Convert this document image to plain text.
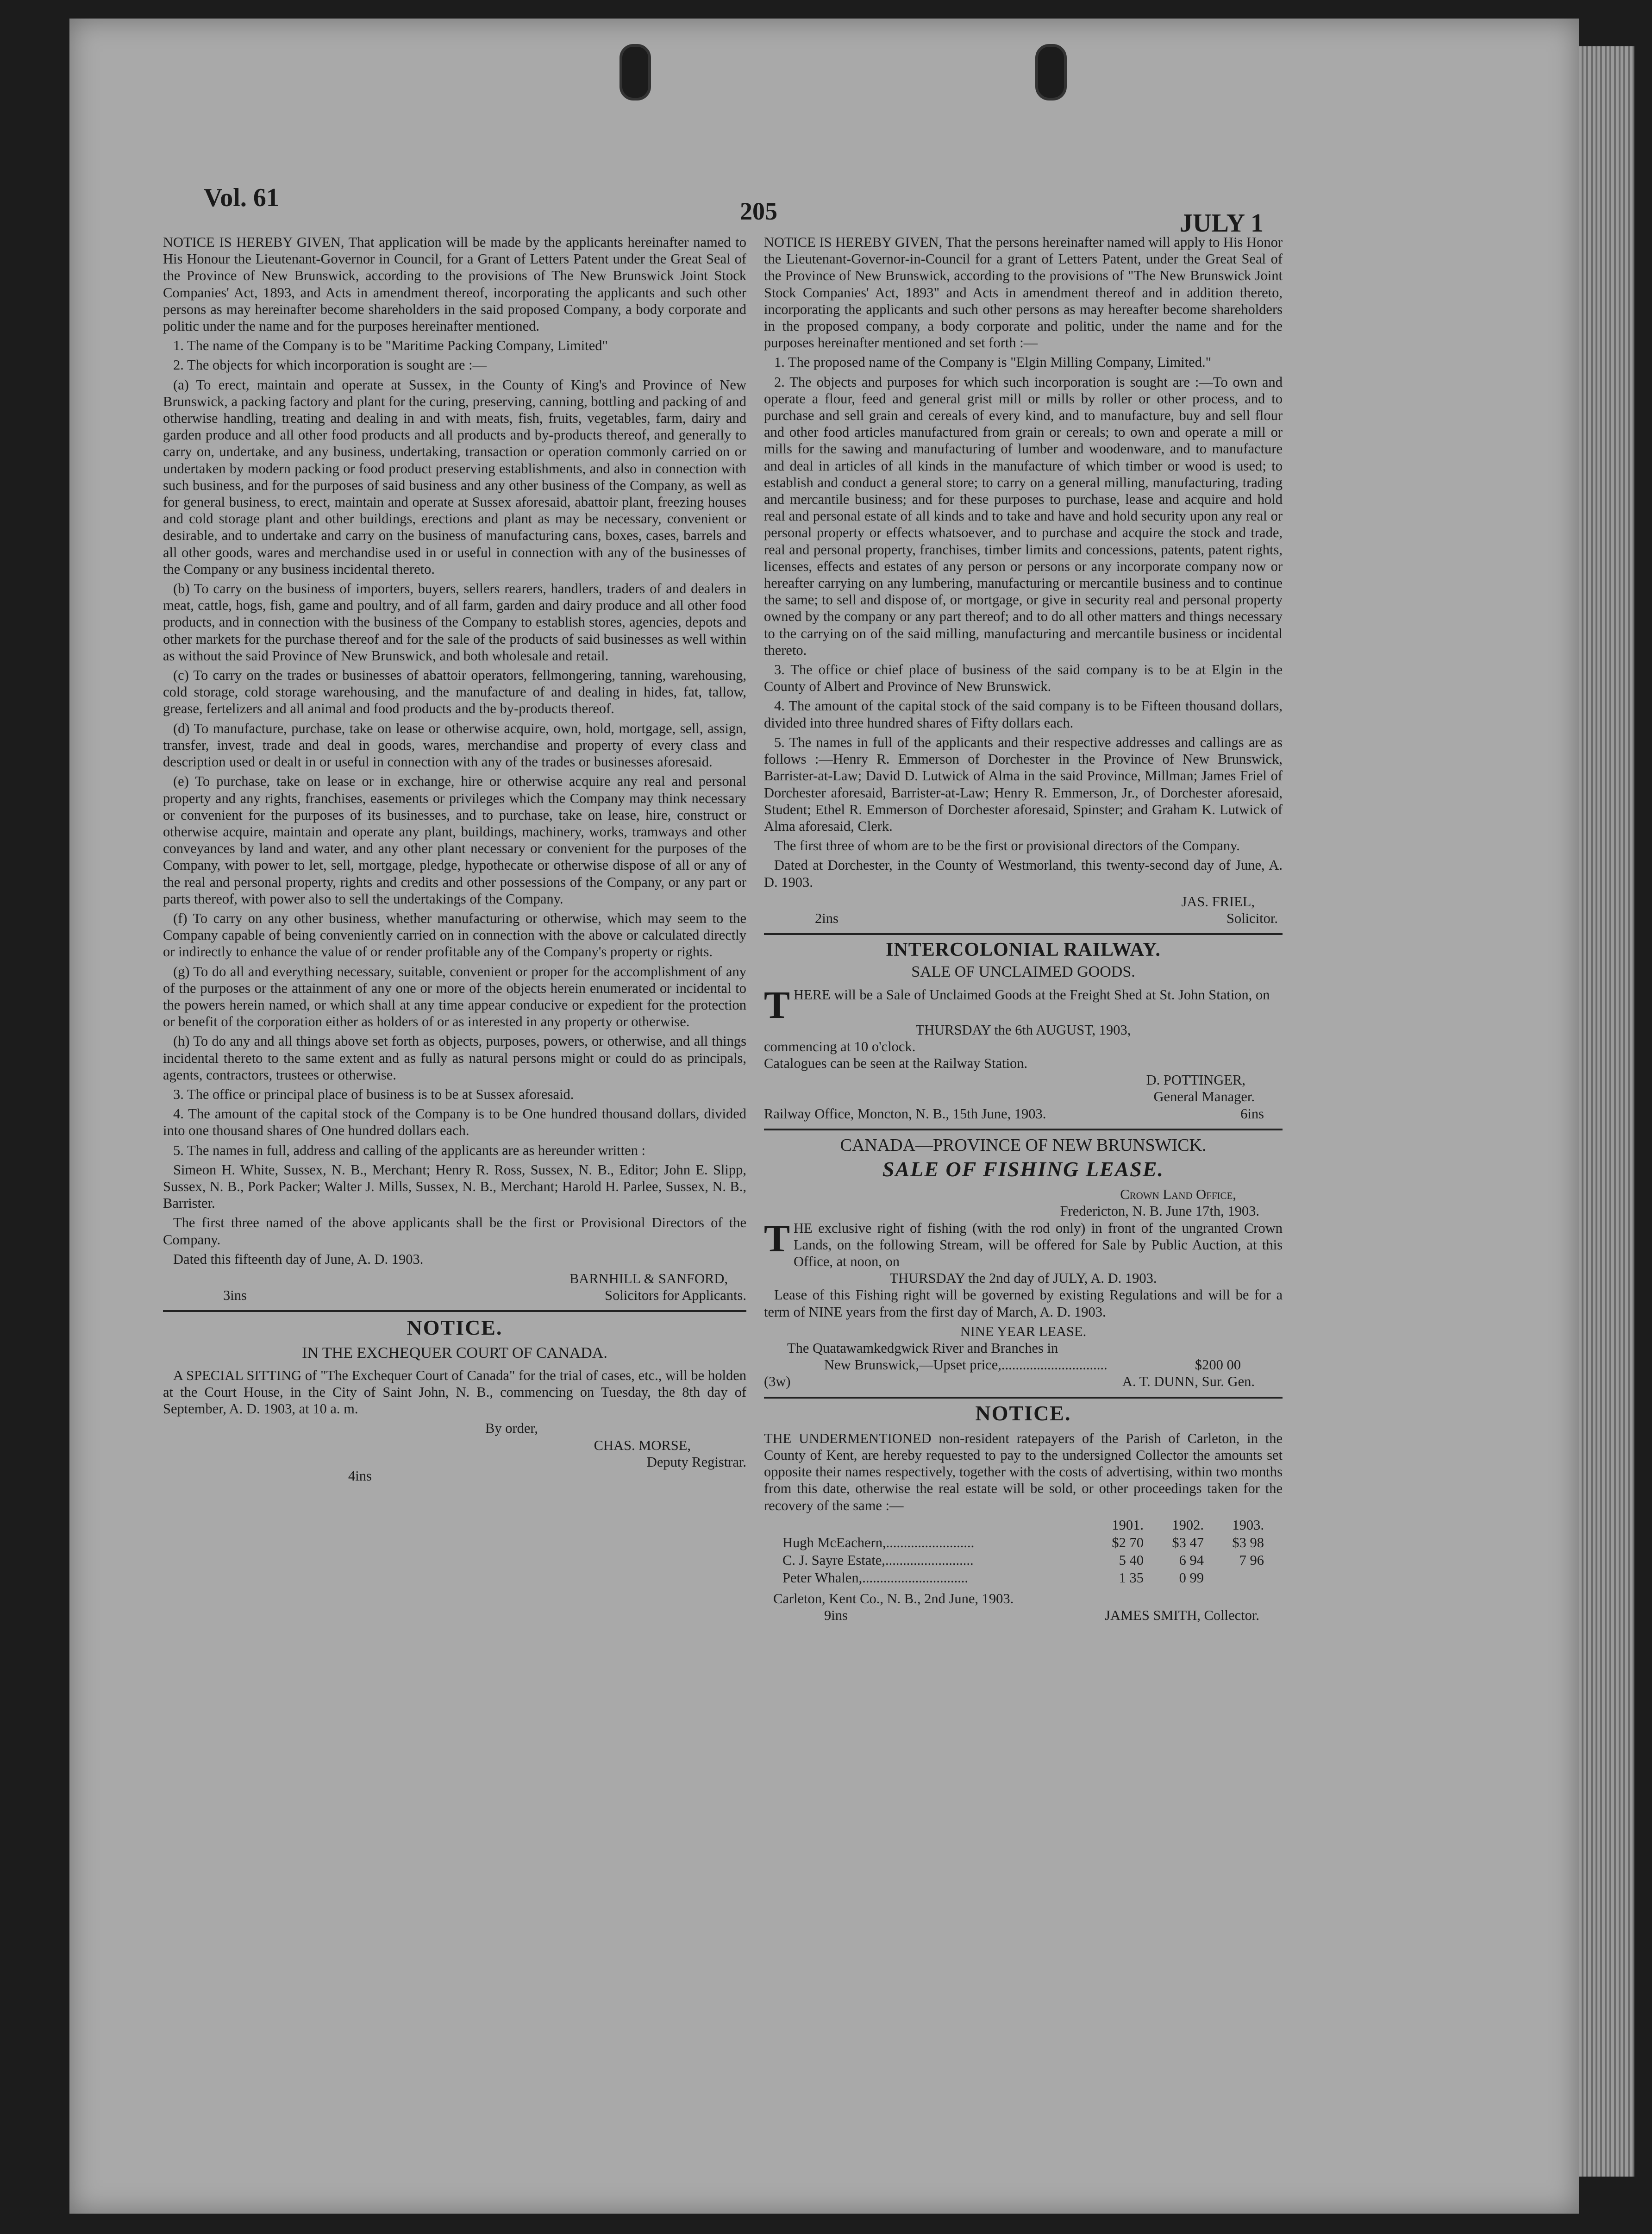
Vol. 61	205	JULY 1

NOTICE IS HEREBY GIVEN, That application will be made by the applicants hereinafter named to His Honour the Lieutenant-Governor in Council, for a Grant of Letters Patent under the Great Seal of the Province of New Brunswick, according to the provisions of The New Brunswick Joint Stock Companies' Act, 1893, and Acts in amendment thereof, incorporating the applicants and such other persons as may hereinafter become shareholders in the said proposed Company, a body corporate and politic under the name and for the purposes hereinafter mentioned.

1. The name of the Company is to be "Maritime Packing Company, Limited"

2. The objects for which incorporation is sought are :—

(a) To erect, maintain and operate at Sussex, in the County of King's and Province of New Brunswick, a packing factory and plant for the curing, preserving, canning, bottling and packing of and otherwise handling, treating and dealing in and with meats, fish, fruits, vegetables, farm, dairy and garden produce and all other food products and all products and by-products thereof, and generally to carry on, undertake, and any business, undertaking, transaction or operation commonly carried on or undertaken by modern packing or food product preserving establishments, and also in connection with such business, and for the purposes of said business and any other business of the Company, as well as for general business, to erect, maintain and operate at Sussex aforesaid, abattoir plant, freezing houses and cold storage plant and other buildings, erections and plant as may be necessary, convenient or desirable, and to undertake and carry on the business of manufacturing cans, boxes, cases, barrels and all other goods, wares and merchandise used in or useful in connection with any of the businesses of the Company or any business incidental thereto.

(b) To carry on the business of importers, buyers, sellers rearers, handlers, traders of and dealers in meat, cattle, hogs, fish, game and poultry, and of all farm, garden and dairy produce and all other food products, and in connection with the business of the Company to establish stores, agencies, depots and other markets for the purchase thereof and for the sale of the products of said businesses as well within as without the said Province of New Brunswick, and both wholesale and retail.

(c) To carry on the trades or businesses of abattoir operators, fellmongering, tanning, warehousing, cold storage, cold storage warehousing, and the manufacture of and dealing in hides, fat, tallow, grease, fertelizers and all animal and food products and the by-products thereof.

(d) To manufacture, purchase, take on lease or otherwise acquire, own, hold, mortgage, sell, assign, transfer, invest, trade and deal in goods, wares, merchandise and property of every class and description used or dealt in or useful in connection with any of the trades or businesses aforesaid.

(e) To purchase, take on lease or in exchange, hire or otherwise acquire any real and personal property and any rights, franchises, easements or privileges which the Company may think necessary or convenient for the purposes of its businesses, and to purchase, take on lease, hire, construct or otherwise acquire, maintain and operate any plant, buildings, machinery, works, tramways and other conveyances by land and water, and any other plant necessary or convenient for the purposes of the Company, with power to let, sell, mortgage, pledge, hypothecate or otherwise dispose of all or any of the real and personal property, rights and credits and other possessions of the Company, or any part or parts thereof, with power also to sell the undertakings of the Company.

(f) To carry on any other business, whether manufacturing or otherwise, which may seem to the Company capable of being conveniently carried on in connection with the above or calculated directly or indirectly to enhance the value of or render profitable any of the Company's property or rights.

(g) To do all and everything necessary, suitable, convenient or proper for the accomplishment of any of the purposes or the attainment of any one or more of the objects herein enumerated or incidental to the powers herein named, or which shall at any time appear conducive or expedient for the protection or benefit of the corporation either as holders of or as interested in any property or otherwise.

(h) To do any and all things above set forth as objects, purposes, powers, or otherwise, and all things incidental thereto to the same extent and as fully as natural persons might or could do as principals, agents, contractors, trustees or otherwise.

3. The office or principal place of business is to be at Sussex aforesaid.

4. The amount of the capital stock of the Company is to be One hundred thousand dollars, divided into one thousand shares of One hundred dollars each.

5. The names in full, address and calling of the applicants are as hereunder written :

Simeon H. White, Sussex, N. B., Merchant; Henry R. Ross, Sussex, N. B., Editor; John E. Slipp, Sussex, N. B., Pork Packer; Walter J. Mills, Sussex, N. B., Merchant; Harold H. Parlee, Sussex, N. B., Barrister.

The first three named of the above applicants shall be the first or Provisional Directors of the Company.

Dated this fifteenth day of June, A. D. 1903.

BARNHILL & SANFORD,
3ins	Solicitors for Applicants.
NOTICE.
IN THE EXCHEQUER COURT OF CANADA.

A SPECIAL SITTING of "The Exchequer Court of Canada" for the trial of cases, etc., will be holden at the Court House, in the City of Saint John, N. B., commencing on Tuesday, the 8th day of September, A. D. 1903, at 10 a. m.

By order,
CHAS. MORSE,
4ins
Deputy Registrar.

NOTICE IS HEREBY GIVEN, That the persons hereinafter named will apply to His Honor the Lieutenant-Governor-in-Council for a grant of Letters Patent, under the Great Seal of the Province of New Brunswick, according to the provisions of "The New Brunswick Joint Stock Companies' Act, 1893" and Acts in amendment thereof and in addition thereto, incorporating the applicants and such other persons as may hereafter become shareholders in the proposed company, a body corporate and politic, under the name and for the purposes hereinafter mentioned and set forth :—

1. The proposed name of the Company is "Elgin Milling Company, Limited."

2. The objects and purposes for which such incorporation is sought are :—To own and operate a flour, feed and general grist mill or mills by roller or other process, and to purchase and sell grain and cereals of every kind, and to manufacture, buy and sell flour and other food articles manufactured from grain or cereals; to own and operate a mill or mills for the sawing and manufacturing of lumber and woodenware, and to manufacture and deal in articles of all kinds in the manufacture of which timber or wood is used; to establish and conduct a general store; to carry on a general milling, manufacturing, trading and mercantile business; and for these purposes to purchase, lease and acquire and hold real and personal estate of all kinds and to take and have and hold security upon any real or personal property or effects whatsoever, and to purchase and acquire the stock and trade, real and personal property, franchises, timber limits and concessions, patents, patent rights, licenses, effects and estates of any person or persons or any incorporate company now or hereafter carrying on any lumbering, manufacturing or mercantile business and to continue the same; to sell and dispose of, or mortgage, or give in security real and personal property owned by the company or any part thereof; and to do all other matters and things necessary to the carrying on of the said milling, manufacturing and mercantile business or incidental thereto.

3. The office or chief place of business of the said company is to be at Elgin in the County of Albert and Province of New Brunswick.

4. The amount of the capital stock of the said company is to be Fifteen thousand dollars, divided into three hundred shares of Fifty dollars each.

5. The names in full of the applicants and their respective addresses and callings are as follows :—Henry R. Emmerson of Dorchester in the Province of New Brunswick, Barrister-at-Law; David D. Lutwick of Alma in the said Province, Millman; James Friel of Dorchester aforesaid, Barrister-at-Law; Henry R. Emmerson, Jr., of Dorchester aforesaid, Student; Ethel R. Emmerson of Dorchester aforesaid, Spinster; and Graham K. Lutwick of Alma aforesaid, Clerk.

The first three of whom are to be the first or provisional directors of the Company.

Dated at Dorchester, in the County of Westmorland, this twenty-second day of June, A. D. 1903.

JAS. FRIEL,
2ins	Solicitor.
INTERCOLONIAL RAILWAY.
SALE OF UNCLAIMED GOODS.
T HERE will be a Sale of Unclaimed Goods at the Freight Shed at St. John Station, on
THURSDAY the 6th AUGUST, 1903,
commencing at 10 o'clock.
Catalogues can be seen at the Railway Station.
D. POTTINGER,
General Manager.
Railway Office, Moncton, N. B., 15th June, 1903.	6ins
CANADA—PROVINCE OF NEW BRUNSWICK.
SALE OF FISHING LEASE.
Crown Land Office,
Fredericton, N. B. June 17th, 1903.
T HE exclusive right of fishing (with the rod only) in front of the ungranted Crown Lands, on the following Stream, will be offered for Sale by Public Auction, at this Office, at noon, on
THURSDAY the 2nd day of JULY, A. D. 1903.

Lease of this Fishing right will be governed by existing Regulations and will be for a term of NINE years from the first day of March, A. D. 1903.

NINE YEAR LEASE.
The Quatawamkedgwick River and Branches in
New Brunswick,—Upset price,..............................	$200 00
(3w)	A. T. DUNN, Sur. Gen.
NOTICE.

THE UNDERMENTIONED non-resident ratepayers of the Parish of Carleton, in the County of Kent, are hereby requested to pay to the undersigned Collector the amounts set opposite their names respectively, together with the costs of advertising, within two months from this date, otherwise the real estate will be sold, or other proceedings taken for the recovery of the same :—

	1901.	1902.	1903.	
Hugh McEachern,.........................	$2 70	$3 47	$3 98	
C. J. Sayre Estate,.........................	5 40	6 94	7 96	
Peter Whalen,..............................	1 35	0 99		
Carleton, Kent Co., N. B., 2nd June, 1903.
9ins	JAMES SMITH, Collector.
